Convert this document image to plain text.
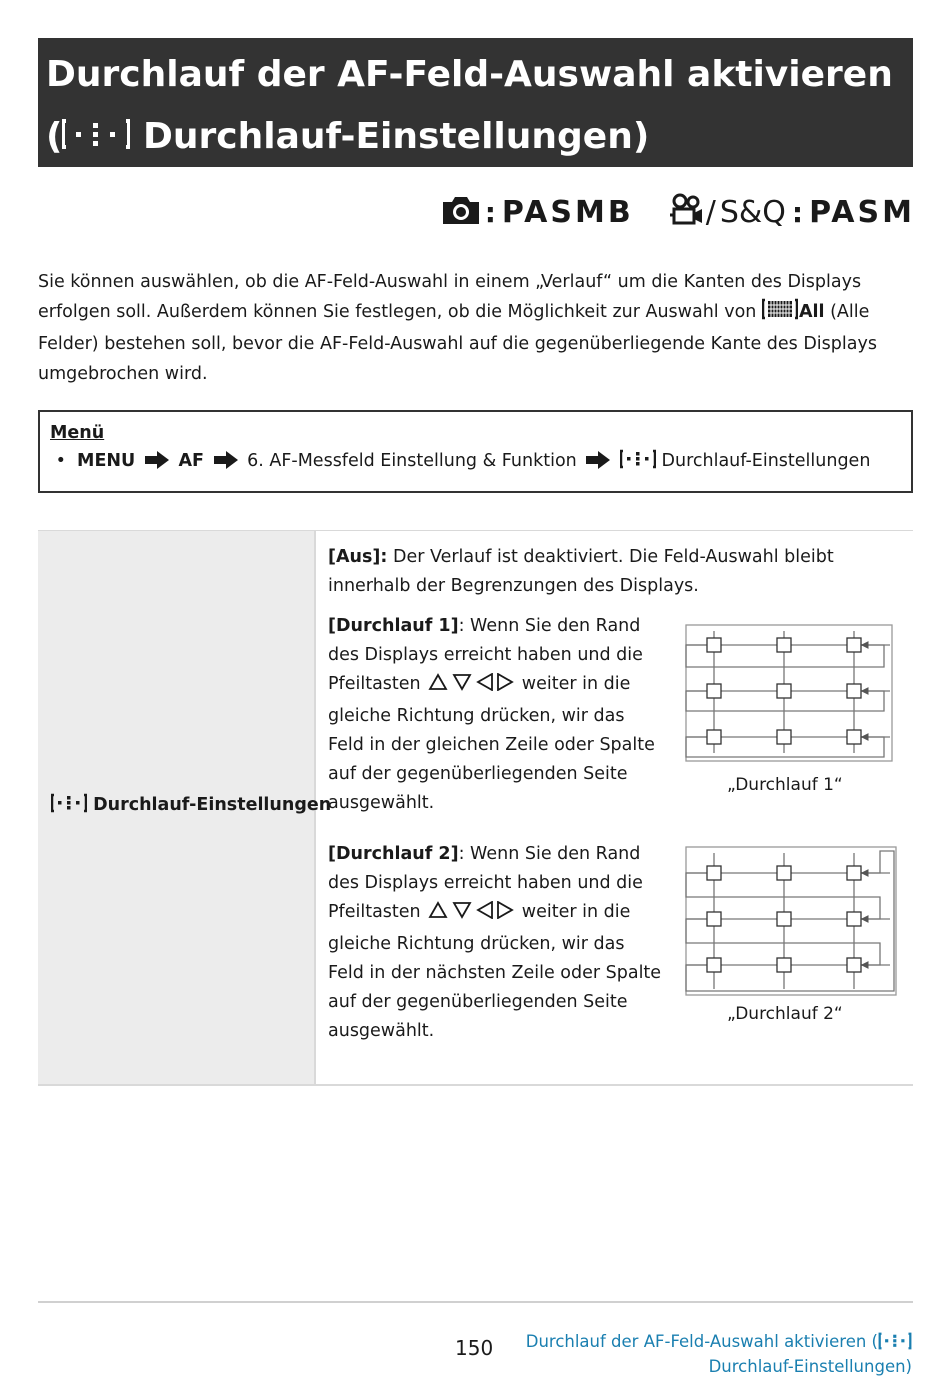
Durchlauf der AF-Feld-Auswahl aktivieren
( Durchlauf-Einstellungen)
: PASMB / S&Q : PASM

Sie können auswählen, ob die AF-Feld-Auswahl in einem „Verlauf“ um die Kanten des Displays erfolgen soll. Außerdem können Sie festlegen, ob die Möglichkeit zur Auswahl von All (Alle Felder) bestehen soll, bevor die AF-Feld-Auswahl auf die gegenüberliegende Kante des Displays umgebrochen wird.

Menü
• MENU AF 6. AF-Messfeld Einstellung & Funktion	Durchlauf-Einstellungen
Durchlauf-Einstellungen
[Aus]: Der Verlauf ist deaktiviert. Die Feld-Auswahl bleibt innerhalb der Begrenzungen des Displays.
[Durchlauf 1]: Wenn Sie den Rand des Displays erreicht haben und die Pfeiltasten	weiter in die gleiche Richtung drücken, wir das Feld in der gleichen Zeile oder Spalte auf der gegenüberliegenden Seite ausgewählt.
„Durchlauf 1“
[Durchlauf 2]: Wenn Sie den Rand des Displays erreicht haben und die Pfeiltasten	weiter in die gleiche Richtung drücken, wir das Feld in der nächsten Zeile oder Spalte auf der gegenüberliegenden Seite ausgewählt.
„Durchlauf 2“
150 Durchlauf der AF-Feld-Auswahl aktivieren (
Durchlauf-Einstellungen)
